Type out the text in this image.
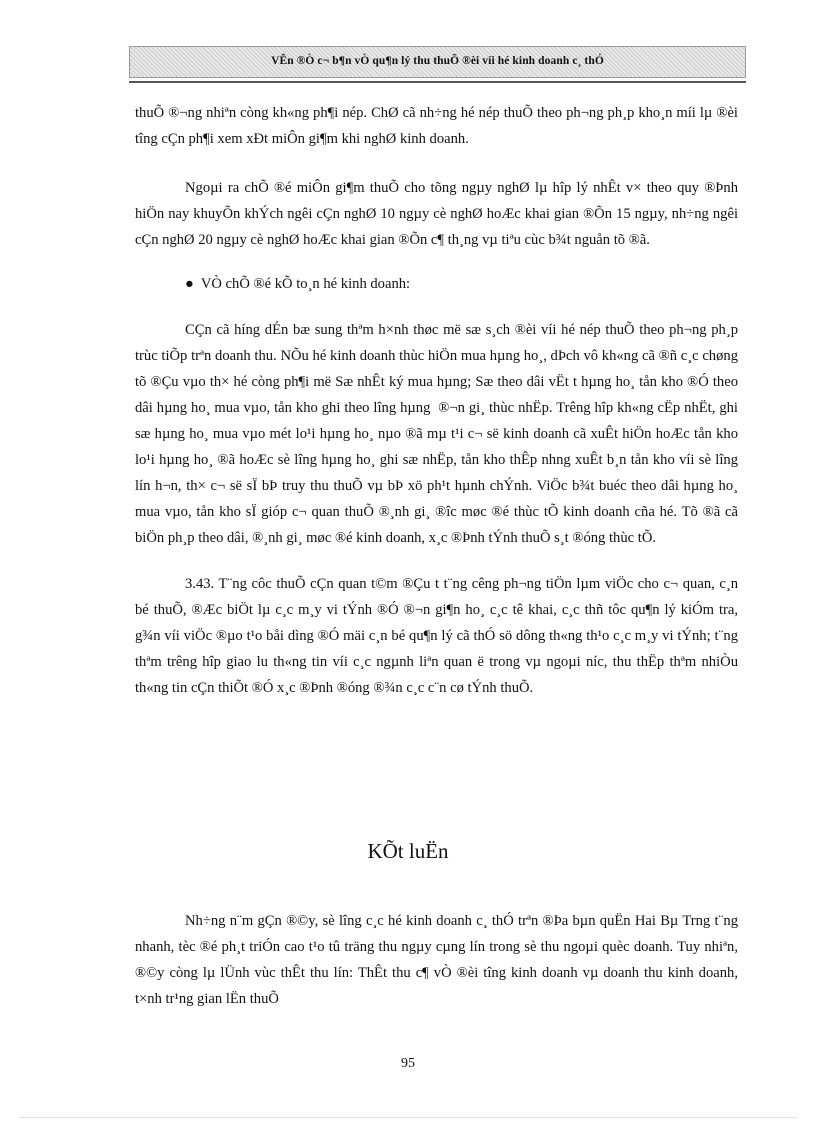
VÊn ®Ò c¬ b¶n vÒ qu¶n lý thu thuÕ ®èi víi hé kinh doanh c¸ thÓ

thuÕ ®¬ng nhiªn còng kh«ng ph¶i nép. ChØ cã nh÷ng hé nép thuÕ theo ph¬ng ph¸p kho¸n míi lµ ®èi tîng cÇn ph¶i xem xÐt miÔn gi¶m khi nghØ kinh doanh.

Ngoµi ra chÕ ®é miÔn gi¶m thuÕ cho tõng ngµy nghØ lµ hîp lý nhÊt v× theo quy ®Þnh hiÖn nay khuyÕn khÝch ngêi cÇn nghØ 10 ngµy cè nghØ hoÆc khai gian ®Õn 15 ngµy, nh÷ng ngêi cÇn nghØ 20 ngµy cè nghØ hoÆc khai gian ®Õn c¶ th¸ng vµ tiªu cùc b¾t nguån tõ ®ã.

● VÒ chÕ ®é kÕ to¸n hé kinh doanh:

CÇn cã híng dÉn bæ sung thªm h×nh thøc më sæ s¸ch ®èi víi hé nép thuÕ theo ph¬ng ph¸p trùc tiÕp trªn doanh thu. NÕu hé kinh doanh thùc hiÖn mua hµng ho¸, dÞch vô kh«ng cã ®ñ c¸c chøng tõ ®Çu vµo th× hé còng ph¶i më Sæ nhÊt ký mua hµng; Sæ theo dâi vËt t hµng ho¸ tån kho ®Ó theo dâi hµng ho¸ mua vµo, tån kho ghi theo lîng hµng ®¬n gi¸ thùc nhËp. Trêng hîp kh«ng cËp nhËt, ghi sæ hµng ho¸ mua vµo mét lo¹i hµng ho¸ nµo ®ã mµ t¹i c¬ së kinh doanh cã xuÊt hiÖn hoÆc tån kho lo¹i hµng ho¸ ®ã hoÆc sè lîng hµng ho¸ ghi sæ nhËp, tån kho thÊp nhng xuÊt b¸n tån kho víi sè lîng lín h¬n, th× c¬ së sÏ bÞ truy thu thuÕ vµ bÞ xö ph¹t hµnh chÝnh. ViÖc b¾t buéc theo dâi hµng ho¸ mua vµo, tån kho sÏ gióp c¬ quan thuÕ ®¸nh gi¸ ®îc møc ®é thùc tÕ kinh doanh cña hé. Tõ ®ã cã biÖn ph¸p theo dâi, ®¸nh gi¸ møc ®é kinh doanh, x¸c ®Þnh tÝnh thuÕ s¸t ®óng thùc tÕ.

3.43. T¨ng côc thuÕ cÇn quan t©m ®Çu t t¨ng cêng ph¬ng tiÖn lµm viÖc cho c¬ quan, c¸n bé thuÕ, ®Æc biÖt lµ c¸c m¸y vi tÝnh ®Ó ®¬n gi¶n ho¸ c¸c tê khai, c¸c thñ tôc qu¶n lý kiÓm tra, g¾n víi viÖc ®µo t¹o båi dìng ®Ó mäi c¸n bé qu¶n lý cã thÓ sö dông th«ng th¹o c¸c m¸y vi tÝnh; t¨ng thªm trêng hîp giao lu th«ng tin víi c¸c ngµnh liªn quan ë trong vµ ngoµi níc, thu thËp thªm nhiÒu th«ng tin cÇn thiÕt ®Ó x¸c ®Þnh ®óng ®¾n c¸c c¨n cø tÝnh thuÕ.

KÕt luËn

Nh÷ng n¨m gÇn ®©y, sè lîng c¸c hé kinh doanh c¸ thÓ trªn ®Þa bµn quËn Hai Bµ Trng t¨ng nhanh, tèc ®é ph¸t triÓn cao t¹o tû träng thu ngµy cµng lín trong sè thu ngoµi quèc doanh. Tuy nhiªn, ®©y còng lµ lÜnh vùc thÊt thu lín: ThÊt thu c¶ vÒ ®èi tîng kinh doanh vµ doanh thu kinh doanh, t×nh tr¹ng gian lËn thuÕ

95
